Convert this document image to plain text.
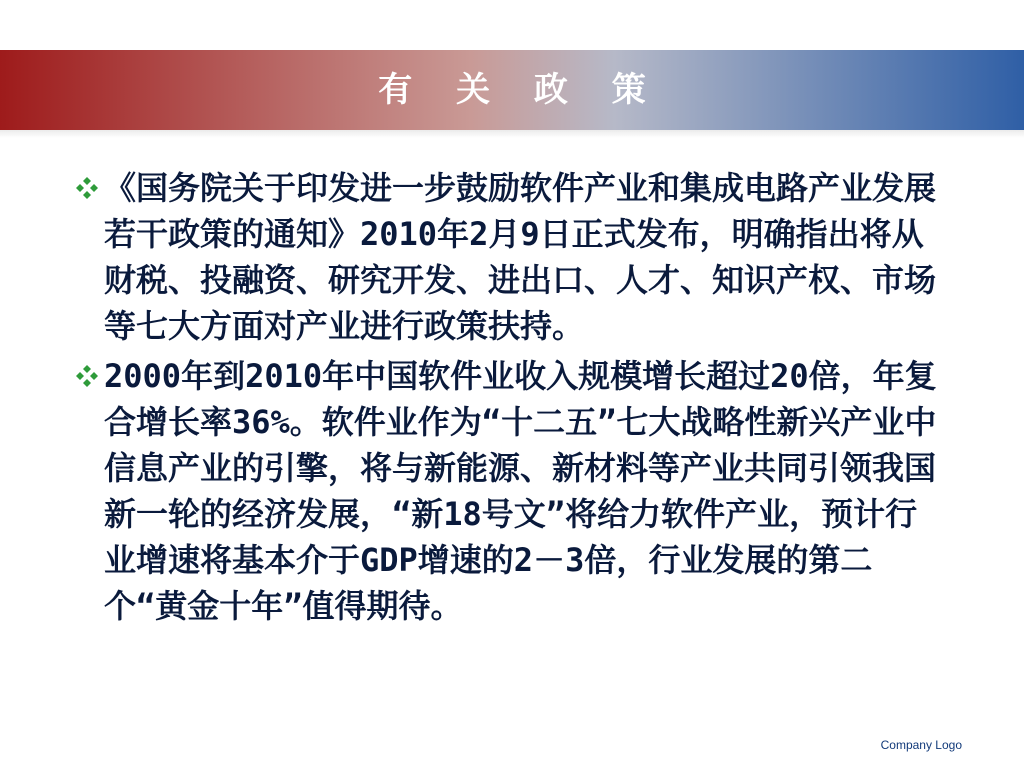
有 关 政 策
《国务院关于印发进一步鼓励软件产业和集成电路产业发展若干政策的通知》2010年2月9日正式发布，明确指出将从财税、投融资、研究开发、进出口、人才、知识产权、市场等七大方面对产业进行政策扶持。
2000年到2010年中国软件业收入规模增长超过20倍，年复合增长率36%。软件业作为“十二五”七大战略性新兴产业中信息产业的引擎，将与新能源、新材料等产业共同引领我国新一轮的经济发展，“新18号文”将给力软件产业，预计行业增速将基本介于GDP增速的2－3倍，行业发展的第二个“黄金十年”值得期待。
Company Logo
